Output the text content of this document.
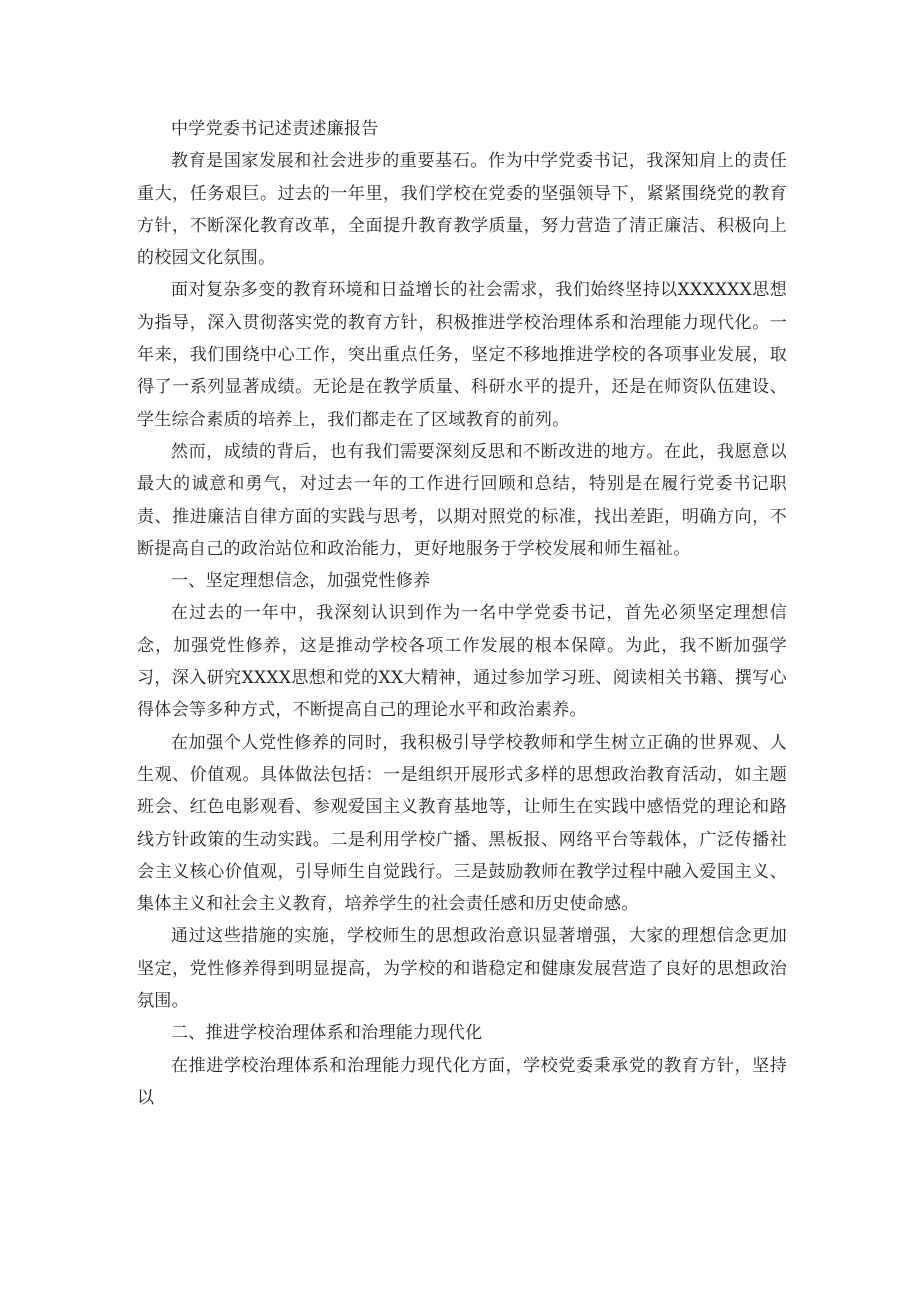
中学党委书记述责述廉报告

教育是国家发展和社会进步的重要基石。作为中学党委书记，我深知肩上的责任重大，任务艰巨。过去的一年里，我们学校在党委的坚强领导下，紧紧围绕党的教育方针，不断深化教育改革，全面提升教育教学质量，努力营造了清正廉洁、积极向上的校园文化氛围。

面对复杂多变的教育环境和日益增长的社会需求，我们始终坚持以XXXXXX思想为指导，深入贯彻落实党的教育方针，积极推进学校治理体系和治理能力现代化。一年来，我们围绕中心工作，突出重点任务，坚定不移地推进学校的各项事业发展，取得了一系列显著成绩。无论是在教学质量、科研水平的提升，还是在师资队伍建设、学生综合素质的培养上，我们都走在了区域教育的前列。

然而，成绩的背后，也有我们需要深刻反思和不断改进的地方。在此，我愿意以最大的诚意和勇气，对过去一年的工作进行回顾和总结，特别是在履行党委书记职责、推进廉洁自律方面的实践与思考，以期对照党的标准，找出差距，明确方向，不断提高自己的政治站位和政治能力，更好地服务于学校发展和师生福祉。

一、坚定理想信念，加强党性修养

在过去的一年中，我深刻认识到作为一名中学党委书记，首先必须坚定理想信念，加强党性修养，这是推动学校各项工作发展的根本保障。为此，我不断加强学习，深入研究XXXX思想和党的XX大精神，通过参加学习班、阅读相关书籍、撰写心得体会等多种方式，不断提高自己的理论水平和政治素养。

在加强个人党性修养的同时，我积极引导学校教师和学生树立正确的世界观、人生观、价值观。具体做法包括：一是组织开展形式多样的思想政治教育活动，如主题班会、红色电影观看、参观爱国主义教育基地等，让师生在实践中感悟党的理论和路线方针政策的生动实践。二是利用学校广播、黑板报、网络平台等载体，广泛传播社会主义核心价值观，引导师生自觉践行。三是鼓励教师在教学过程中融入爱国主义、集体主义和社会主义教育，培养学生的社会责任感和历史使命感。

通过这些措施的实施，学校师生的思想政治意识显著增强，大家的理想信念更加坚定，党性修养得到明显提高，为学校的和谐稳定和健康发展营造了良好的思想政治氛围。

二、推进学校治理体系和治理能力现代化

在推进学校治理体系和治理能力现代化方面，学校党委秉承党的教育方针，坚持以
